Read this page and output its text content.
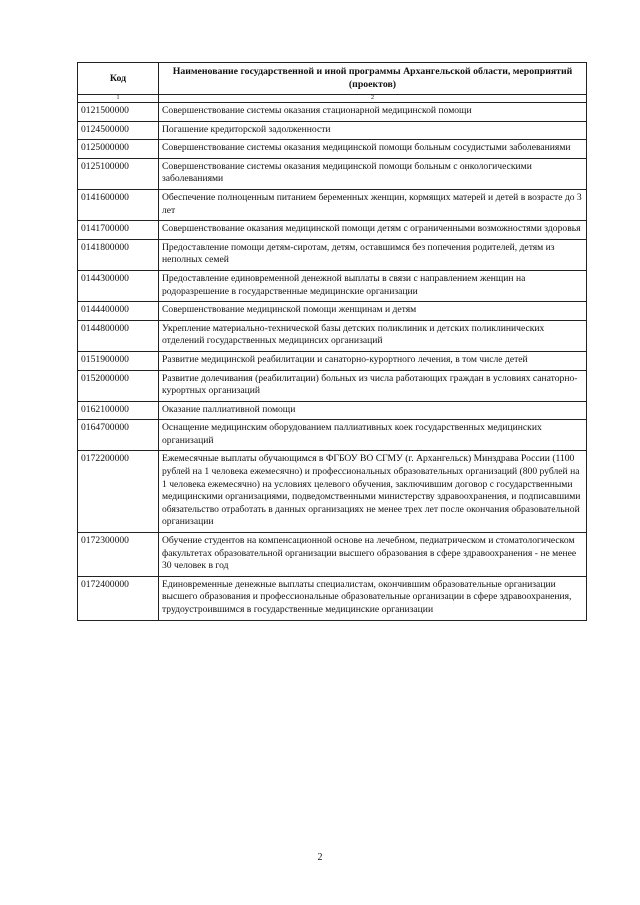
Код	Наименование государственной и иной программы Архангельской области, мероприятий (проектов)
1	2
0121500000	Совершенствование системы оказания стационарной медицинской помощи
0124500000	Погашение кредиторской задолженности
0125000000	Совершенствование системы оказания медицинской помощи больным сосудистыми заболеваниями
0125100000	Совершенствование системы оказания медицинской помощи больным с онкологическими заболеваниями
0141600000	Обеспечение полноценным питанием беременных женщин, кормящих матерей и детей в возрасте до 3 лет
0141700000	Совершенствование оказания медицинской помощи детям с ограниченными возможностями здоровья
0141800000	Предоставление помощи детям-сиротам, детям, оставшимся без попечения родителей, детям из неполных семей
0144300000	Предоставление единовременной денежной выплаты в связи с направлением женщин на родоразрешение в государственные медицинские организации
0144400000	Совершенствование медицинской помощи женщинам и детям
0144800000	Укрепление материально-технической базы детских поликлиник и детских поликлинических отделений государственных медицинсих организаций
0151900000	Развитие медицинской реабилитации и санаторно-курортного лечения, в том числе детей
0152000000	Развитие долечивания (реабилитации) больных из числа работающих граждан в условиях санаторно-курортных организаций
0162100000	Оказание паллиативной помощи
0164700000	Оснащение медицинским оборудованием паллиативных коек государственных медицинских организаций
0172200000	Ежемесячные выплаты обучающимся в ФГБОУ ВО СГМУ (г. Архангельск) Минздрава России (1100 рублей на 1 человека ежемесячно) и профессиональных образовательных организаций (800 рублей на 1 человека ежемесячно) на условиях целевого обучения, заключившим договор с государственными медицинскими организациями, подведомственными министерству здравоохранения, и подписавшими обязательство отработать в данных организациях не менее трех лет после окончания образовательной организации
0172300000	Обучение студентов на компенсационной основе на лечебном, педиатрическом и стоматологическом факультетах образовательной организации высшего образования в сфере здравоохранения - не менее 30 человек в год
0172400000	Единовременные денежные выплаты специалистам, окончившим образовательные организации высшего образования и профессиональные образовательные организации в сфере здравоохранения, трудоустроившимся в государственные медицинские организации
2
